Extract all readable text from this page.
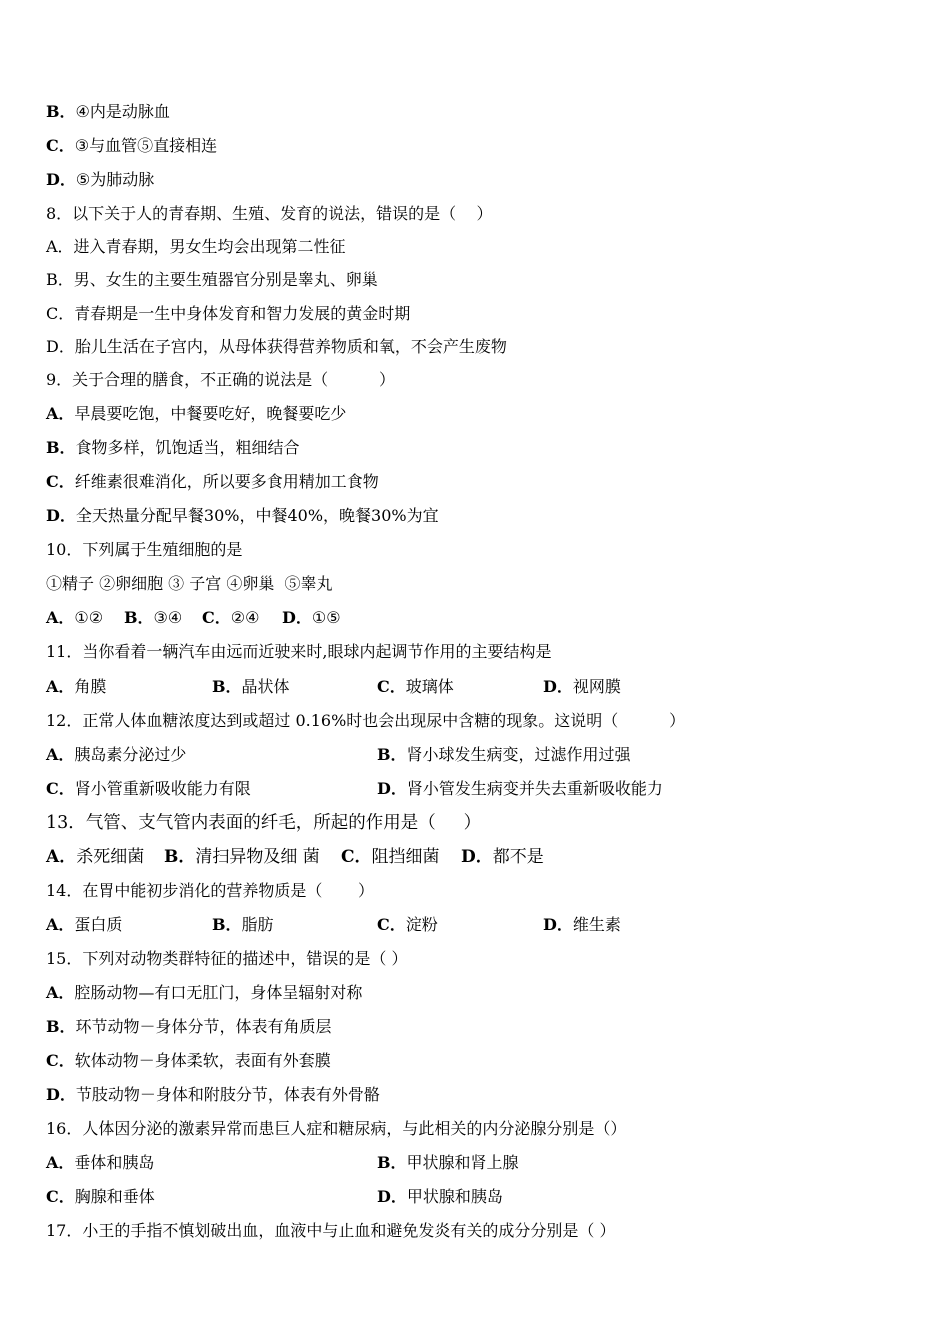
B．④内是动脉血
C．③与血管⑤直接相连
D．⑤为肺动脉
8．以下关于人的青春期、生殖、发育的说法，错误的是（    ）
A．进入青春期，男女生均会出现第二性征
B．男、女生的主要生殖器官分别是睾丸、卵巢
C．青春期是一生中身体发育和智力发展的黄金时期
D．胎儿生活在子宫内，从母体获得营养物质和氧，不会产生废物
9．关于合理的膳食，不正确的说法是（          ）
A．早晨要吃饱，中餐要吃好，晚餐要吃少
B．食物多样，饥饱适当，粗细结合
C．纤维素很难消化，所以要多食用精加工食物
D．全天热量分配早餐30%，中餐40%，晚餐30%为宜
10．下列属于生殖细胞的是
①精子 ②卵细胞 ③ 子宫 ④卵巢  ⑤睾丸
A．①② B．③④ C．②④ D．①⑤
11．当你看着一辆汽车由远而近驶来时,眼球内起调节作用的主要结构是
A．角膜	B．晶状体	C．玻璃体	D．视网膜
12．正常人体血糖浓度达到或超过 0.16%时也会出现尿中含糖的现象。这说明（          ）
A．胰岛素分泌过少	B．肾小球发生病变，过滤作用过强
C．肾小管重新吸收能力有限	D．肾小管发生病变并失去重新吸收能力
13．气管、支气管内表面的纤毛，所起的作用是（     ）
A．杀死细菌 B．清扫异物及细 菌 C．阻挡细菌 D．都不是
14．在胃中能初步消化的营养物质是（       ）
A．蛋白质	B．脂肪	C．淀粉	D．维生素
15．下列对动物类群特征的描述中，错误的是（ ）
A．腔肠动物—有口无肛门，身体呈辐射对称
B．环节动物－身体分节，体表有角质层
C．软体动物－身体柔软，表面有外套膜
D．节肢动物－身体和附肢分节，体表有外骨骼
16．人体因分泌的激素异常而患巨人症和糖尿病，与此相关的内分泌腺分别是（）
A．垂体和胰岛	B．甲状腺和肾上腺
C．胸腺和垂体	D．甲状腺和胰岛
17．小王的手指不慎划破出血，血液中与止血和避免发炎有关的成分分别是（ ）
